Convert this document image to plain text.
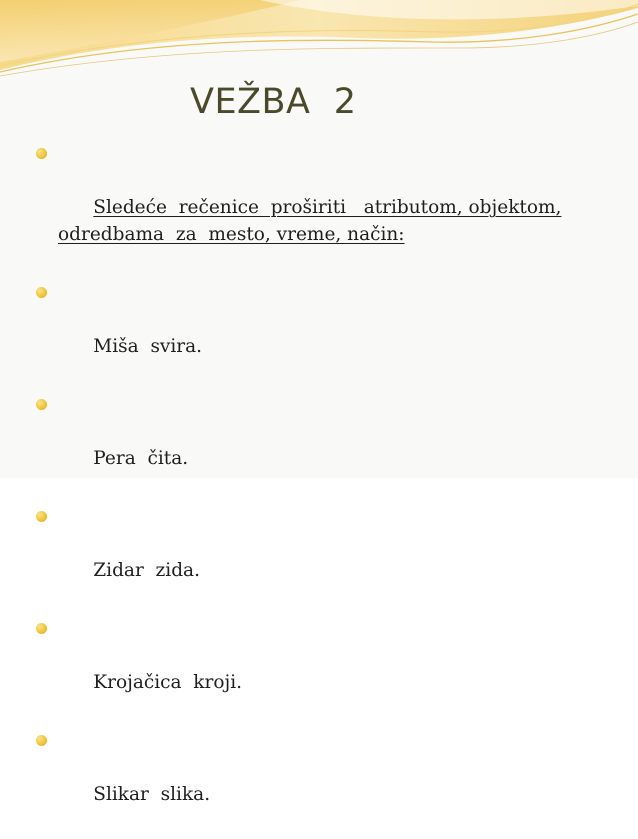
VEŽBA  2

Sledeće  rečenice  proširiti   atributom, objektom,
odredbama  za  mesto, vreme, način:

Miša  svira.

Pera  čita.

Zidar  zida.

Krojačica  kroji.

Slikar  slika.
